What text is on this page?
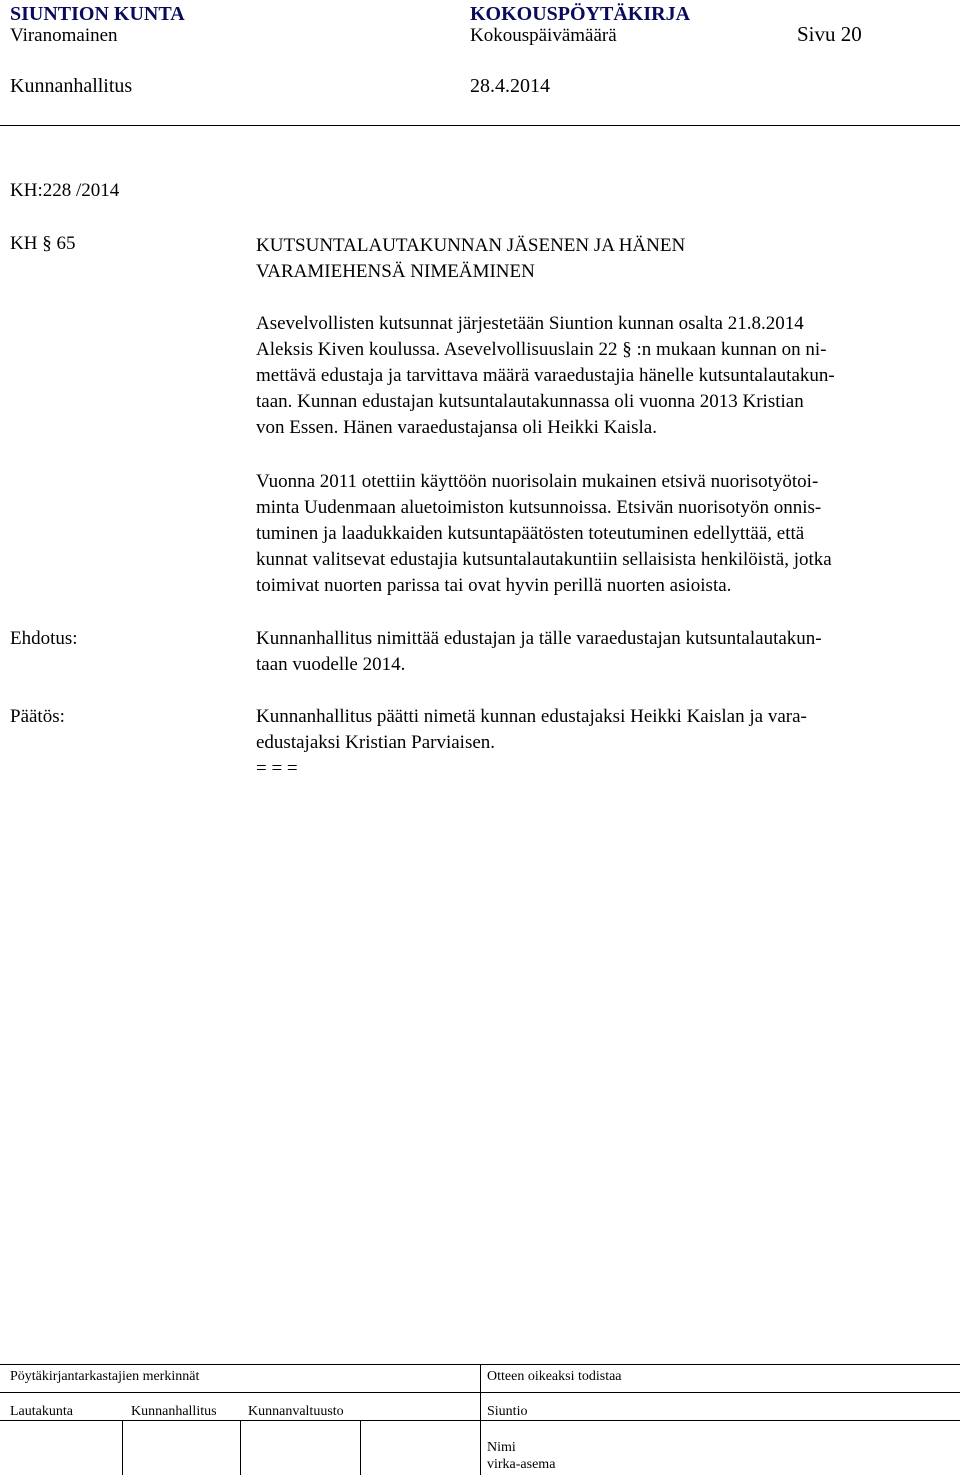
SIUNTION KUNTA	KOKOUSPÖYTÄKIRJA
Viranomainen	Kokouspäivämäärä	Sivu 20
Kunnanhallitus	28.4.2014
KH:228 /2014
KH § 65	KUTSUNTALAUTAKUNNAN JÄSENEN JA HÄNEN

VARAMIEHENSÄ NIMEÄMINEN

Asevelvollisten kutsunnat järjestetään Siuntion kunnan osalta 21.8.2014

Aleksis Kiven koulussa. Asevelvollisuuslain 22 § :n mukaan kunnan on ni-

mettävä edustaja ja tarvittava määrä varaedustajia hänelle kutsuntalautakun-

taan. Kunnan edustajan kutsuntalautakunnassa oli vuonna 2013 Kristian

von Essen. Hänen varaedustajansa oli Heikki Kaisla.

Vuonna 2011 otettiin käyttöön nuorisolain mukainen etsivä nuorisotyötoi-

minta Uudenmaan aluetoimiston kutsunnoissa. Etsivän nuorisotyön onnis-

tuminen ja laadukkaiden kutsuntapäätösten toteutuminen edellyttää, että

kunnat valitsevat edustajia kutsuntalautakuntiin sellaisista henkilöistä, jotka

toimivat nuorten parissa tai ovat hyvin perillä nuorten asioista.

Ehdotus:	Kunnanhallitus nimittää edustajan ja tälle varaedustajan kutsuntalautakun-

taan vuodelle 2014.

Päätös:	Kunnanhallitus päätti nimetä kunnan edustajaksi Heikki Kaislan ja vara-

edustajaksi Kristian Parviaisen.

= = =

Pöytäkirjantarkastajien merkinnät	Otteen oikeaksi todistaa
Lautakunta	Kunnanhallitus Kunnanvaltuusto	Siuntio
Nimi
virka-asema
